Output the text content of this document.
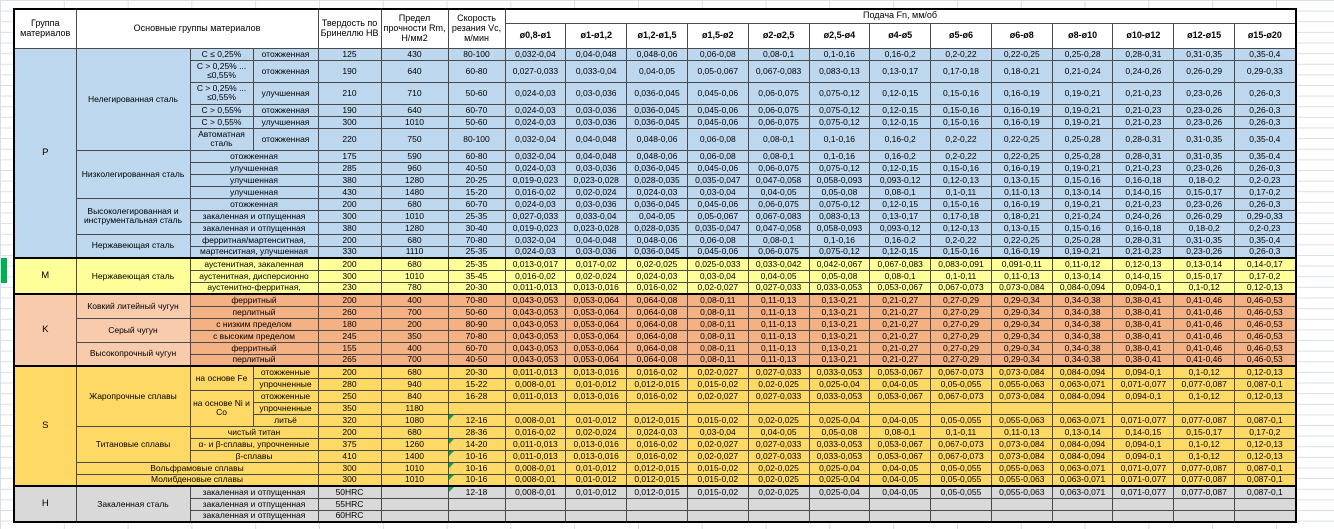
Группа материалов	Основные группы материалов			Твердость по Бринеллю НВ	Предел прочности Rm, Н/мм2	Скорость резания Vc, м/мин	Подача Fn, мм/об												
							ø0,8-ø1	ø1-ø1,2	ø1,2-ø1,5	ø1,5-ø2	ø2-ø2,5	ø2,5-ø4	ø4-ø5	ø5-ø6	ø6-ø8	ø8-ø10	ø10-ø12	ø12-ø15	ø15-ø20
P	Нелегированная сталь	C ≤ 0,25%	отожженная	125	430	80-100	0,032-0,04	0,04-0,048	0,048-0,06	0,06-0,08	0,08-0,1	0,1-0,16	0,16-0,2	0,2-0,22	0,22-0,25	0,25-0,28	0,28-0,31	0,31-0,35	0,35-0,4
		C > 0,25% ... ≤0,55%	отожженная	190	640	60-80	0,027-0,033	0,033-0,04	0,04-0,05	0,05-0,067	0,067-0,083	0,083-0,13	0,13-0,17	0,17-0,18	0,18-0,21	0,21-0,24	0,24-0,26	0,26-0,29	0,29-0,33
		C > 0,25% ... ≤0,55%	улучшенная	210	710	50-60	0,024-0,03	0,03-0,036	0,036-0,045	0,045-0,06	0,06-0,075	0,075-0,12	0,12-0,15	0,15-0,16	0,16-0,19	0,19-0,21	0,21-0,23	0,23-0,26	0,26-0,3
		C > 0,55%	отожженная	190	640	60-70	0,024-0,03	0,03-0,036	0,036-0,045	0,045-0,06	0,06-0,075	0,075-0,12	0,12-0,15	0,15-0,16	0,16-0,19	0,19-0,21	0,21-0,23	0,23-0,26	0,26-0,3
		C > 0,55%	улучшенная	300	1010	50-60	0,024-0,03	0,03-0,036	0,036-0,045	0,045-0,06	0,06-0,075	0,075-0,12	0,12-0,15	0,15-0,16	0,16-0,19	0,19-0,21	0,21-0,23	0,23-0,26	0,26-0,3
		Автоматная сталь	отожженная	220	750	80-100	0,032-0,04	0,04-0,048	0,048-0,06	0,06-0,08	0,08-0,1	0,1-0,16	0,16-0,2	0,2-0,22	0,22-0,25	0,25-0,28	0,28-0,31	0,31-0,35	0,35-0,4
	Низколегированная сталь	отожженная		175	590	60-80	0,032-0,04	0,04-0,048	0,048-0,06	0,06-0,08	0,08-0,1	0,1-0,16	0,16-0,2	0,2-0,22	0,22-0,25	0,25-0,28	0,28-0,31	0,31-0,35	0,35-0,4
		улучшенная		285	960	40-50	0,024-0,03	0,03-0,036	0,036-0,045	0,045-0,06	0,06-0,075	0,075-0,12	0,12-0,15	0,15-0,16	0,16-0,19	0,19-0,21	0,21-0,23	0,23-0,26	0,26-0,3
		улучшенная		380	1280	20-25	0,019-0,023	0,023-0,028	0,028-0,035	0,035-0,047	0,047-0,058	0,058-0,093	0,093-0,12	0,12-0,13	0,13-0,15	0,15-0,16	0,16-0,18	0,18-0,2	0,2-0,23
		улучшенная		430	1480	15-20	0,016-0,02	0,02-0,024	0,024-0,03	0,03-0,04	0,04-0,05	0,05-0,08	0,08-0,1	0,1-0,11	0,11-0,13	0,13-0,14	0,14-0,15	0,15-0,17	0,17-0,2
	Высоколегированная и инструментальная сталь	отожженная		200	680	60-70	0,024-0,03	0,03-0,036	0,036-0,045	0,045-0,06	0,06-0,075	0,075-0,12	0,12-0,15	0,15-0,16	0,16-0,19	0,19-0,21	0,21-0,23	0,23-0,26	0,26-0,3
		закаленная и отпущенная		300	1010	25-35	0,027-0,033	0,033-0,04	0,04-0,05	0,05-0,067	0,067-0,083	0,083-0,13	0,13-0,17	0,17-0,18	0,18-0,21	0,21-0,24	0,24-0,26	0,26-0,29	0,29-0,33
		закаленная и отпущенная		380	1280	30-40	0,019-0,023	0,023-0,028	0,028-0,035	0,035-0,047	0,047-0,058	0,058-0,093	0,093-0,12	0,12-0,13	0,13-0,15	0,15-0,16	0,16-0,18	0,18-0,2	0,2-0,23
	Нержавеющая сталь	ферритная/мартенситная,		200	680	70-80	0,032-0,04	0,04-0,048	0,048-0,06	0,06-0,08	0,08-0,1	0,1-0,16	0,16-0,2	0,2-0,22	0,22-0,25	0,25-0,28	0,28-0,31	0,31-0,35	0,35-0,4
		мартенситная, улучшенная		330	1110	25-35	0,024-0,03	0,03-0,036	0,036-0,045	0,045-0,06	0,06-0,075	0,075-0,12	0,12-0,15	0,15-0,16	0,16-0,19	0,19-0,21	0,21-0,23	0,23-0,26	0,26-0,3
M	Нержавеющая сталь	аустенитная, закаленная		200	680	25-35	0,013-0,017	0,017-0,02	0,02-0,025	0,025-0,033	0,033-0,042	0,042-0,067	0,067-0,083	0,083-0,091	0,091-0,11	0,11-0,12	0,12-0,13	0,13-0,14	0,14-0,17
		аустенитная, дисперсионно		300	1010	35-45	0,016-0,02	0,02-0,024	0,024-0,03	0,03-0,04	0,04-0,05	0,05-0,08	0,08-0,1	0,1-0,11	0,11-0,13	0,13-0,14	0,14-0,15	0,15-0,17	0,17-0,2
		аустенитно-ферритная,		230	780	20-30	0,011-0,013	0,013-0,016	0,016-0,02	0,02-0,027	0,027-0,033	0,033-0,053	0,053-0,067	0,067-0,073	0,073-0,084	0,084-0,094	0,094-0,1	0,1-0,12	0,12-0,13
K	Ковкий литейный чугун	ферритный		200	400	70-80	0,043-0,053	0,053-0,064	0,064-0,08	0,08-0,11	0,11-0,13	0,13-0,21	0,21-0,27	0,27-0,29	0,29-0,34	0,34-0,38	0,38-0,41	0,41-0,46	0,46-0,53
		перлитный		260	700	50-60	0,043-0,053	0,053-0,064	0,064-0,08	0,08-0,11	0,11-0,13	0,13-0,21	0,21-0,27	0,27-0,29	0,29-0,34	0,34-0,38	0,38-0,41	0,41-0,46	0,46-0,53
	Серый чугун	с низким пределом		180	200	80-90	0,043-0,053	0,053-0,064	0,064-0,08	0,08-0,11	0,11-0,13	0,13-0,21	0,21-0,27	0,27-0,29	0,29-0,34	0,34-0,38	0,38-0,41	0,41-0,46	0,46-0,53
		с высоким пределом		245	350	70-80	0,043-0,053	0,053-0,064	0,064-0,08	0,08-0,11	0,11-0,13	0,13-0,21	0,21-0,27	0,27-0,29	0,29-0,34	0,34-0,38	0,38-0,41	0,41-0,46	0,46-0,53
	Высокопрочный чугун	ферритный		155	400	60-70	0,043-0,053	0,053-0,064	0,064-0,08	0,08-0,11	0,11-0,13	0,13-0,21	0,21-0,27	0,27-0,29	0,29-0,34	0,34-0,38	0,38-0,41	0,41-0,46	0,46-0,53
		перлитный		265	700	40-50	0,043-0,053	0,053-0,064	0,064-0,08	0,08-0,11	0,11-0,13	0,13-0,21	0,21-0,27	0,27-0,29	0,29-0,34	0,34-0,38	0,38-0,41	0,41-0,46	0,46-0,53
S	Жаропрочные сплавы	на основе Fe	отожженные	200	680	20-30	0,011-0,013	0,013-0,016	0,016-0,02	0,02-0,027	0,027-0,033	0,033-0,053	0,053-0,067	0,067-0,073	0,073-0,084	0,084-0,094	0,094-0,1	0,1-0,12	0,12-0,13
			упрочненные	280	940	15-22	0,008-0,01	0,01-0,012	0,012-0,015	0,015-0,02	0,02-0,025	0,025-0,04	0,04-0,05	0,05-0,055	0,055-0,063	0,063-0,071	0,071-0,077	0,077-0,087	0,087-0,1
		на основе Ni и Co	отожженные	250	840	16-28	0,011-0,013	0,013-0,016	0,016-0,02	0,02-0,027	0,027-0,033	0,033-0,053	0,053-0,067	0,067-0,073	0,073-0,084	0,084-0,094	0,094-0,1	0,1-0,12	0,12-0,13
			упрочненные	350	1180														
			литьё	320	1080	12-16	0,008-0,01	0,01-0,012	0,012-0,015	0,015-0,02	0,02-0,025	0,025-0,04	0,04-0,05	0,05-0,055	0,055-0,063	0,063-0,071	0,071-0,077	0,077-0,087	0,087-0,1
	Титановые сплавы	чистый титан		200	680	28-36	0,016-0,02	0,02-0,024	0,024-0,03	0,03-0,04	0,04-0,05	0,05-0,08	0,08-0,1	0,1-0,11	0,11-0,13	0,13-0,14	0,14-0,15	0,15-0,17	0,17-0,2
		α- и β-сплавы, упрочненные		375	1260	14-20	0,011-0,013	0,013-0,016	0,016-0,02	0,02-0,027	0,027-0,033	0,033-0,053	0,053-0,067	0,067-0,073	0,073-0,084	0,084-0,094	0,094-0,1	0,1-0,12	0,12-0,13
		β-сплавы		410	1400	10-16	0,011-0,013	0,013-0,016	0,016-0,02	0,02-0,027	0,027-0,033	0,033-0,053	0,053-0,067	0,067-0,073	0,073-0,084	0,084-0,094	0,094-0,1	0,1-0,12	0,12-0,13
	Вольфрамовые сплавы			300	1010	10-16	0,008-0,01	0,01-0,012	0,012-0,015	0,015-0,02	0,02-0,025	0,025-0,04	0,04-0,05	0,05-0,055	0,055-0,063	0,063-0,071	0,071-0,077	0,077-0,087	0,087-0,1
	Молибденовые сплавы			300	1010	10-16	0,008-0,01	0,01-0,012	0,012-0,015	0,015-0,02	0,02-0,025	0,025-0,04	0,04-0,05	0,05-0,055	0,055-0,063	0,063-0,071	0,071-0,077	0,077-0,087	0,087-0,1
H	Закаленная сталь	закаленная и отпущенная		50HRC		12-18	0,008-0,01	0,01-0,012	0,012-0,015	0,015-0,02	0,02-0,025	0,025-0,04	0,04-0,05	0,05-0,055	0,055-0,063	0,063-0,071	0,071-0,077	0,077-0,087	0,087-0,1
		закаленная и отпущенная		55HRC															
		закаленная и отпущенная		60HRC															
